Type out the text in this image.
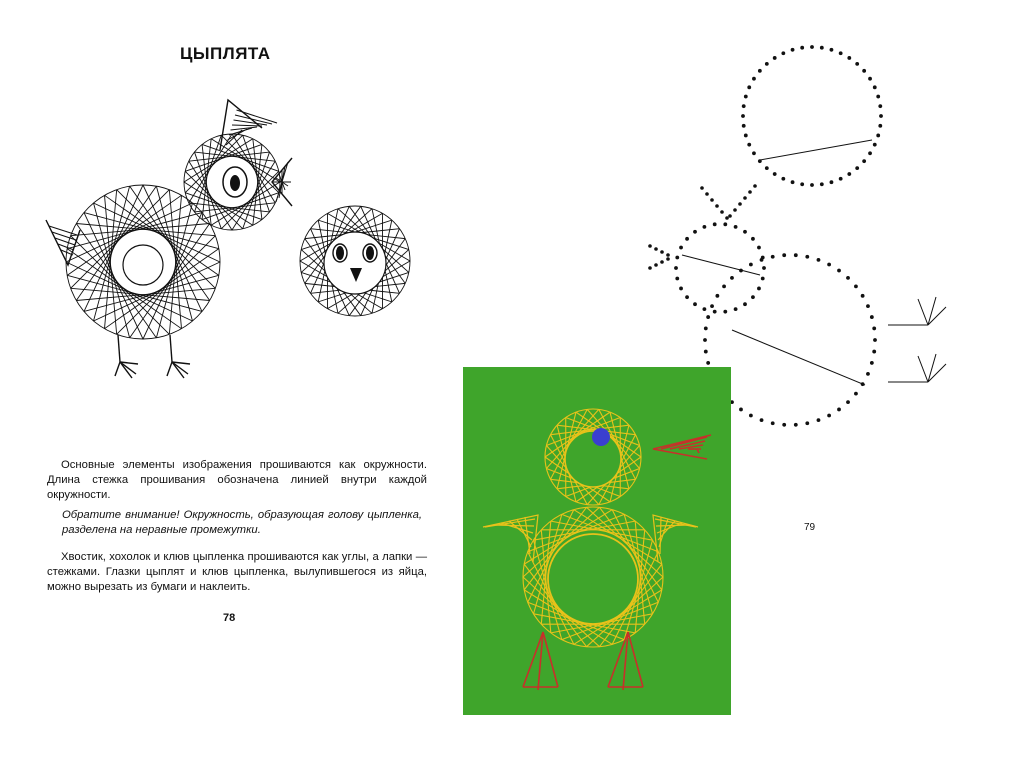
ЦЫПЛЯТА
Основные элементы изображения прошиваются как окружности. Длина стежка прошивания обозначена линией внутри каждой окружности.
Обратите внимание! Окружность, образующая голову цыпленка, разделена на неравные промежутки.
Хвостик, хохолок и клюв цыпленка прошиваются как углы, а лапки — стежками. Глазки цыплят и клюв цыпленка, вылупившегося из яйца, можно вырезать из бумаги и наклеить.
78
79
